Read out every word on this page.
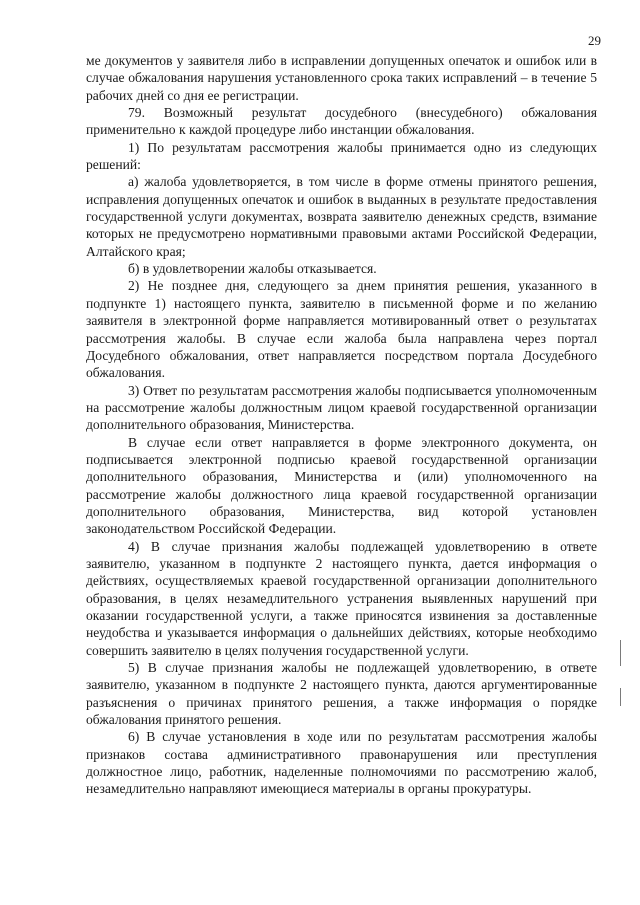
29

ме документов у заявителя либо в исправлении допущенных опечаток и ошибок или в случае обжалования нарушения установленного срока таких исправлений – в течение 5 рабочих дней со дня ее регистрации.

79. Возможный результат досудебного (внесудебного) обжалования применительно к каждой процедуре либо инстанции обжалования.

1) По результатам рассмотрения жалобы принимается одно из следующих решений:

а) жалоба удовлетворяется, в том числе в форме отмены принятого решения, исправления допущенных опечаток и ошибок в выданных в результате предоставления государственной услуги документах, возврата заявителю денежных средств, взимание которых не предусмотрено нормативными правовыми актами Российской Федерации, Алтайского края;

б) в удовлетворении жалобы отказывается.

2) Не позднее дня, следующего за днем принятия решения, указанного в подпункте 1) настоящего пункта, заявителю в письменной форме и по желанию заявителя в электронной форме направляется мотивированный ответ о результатах рассмотрения жалобы. В случае если жалоба была направлена через портал Досудебного обжалования, ответ направляется посредством портала Досудебного обжалования.

3) Ответ по результатам рассмотрения жалобы подписывается уполномоченным на рассмотрение жалобы должностным лицом краевой государственной организации дополнительного образования, Министерства.

В случае если ответ направляется в форме электронного документа, он подписывается электронной подписью краевой государственной организации дополнительного образования, Министерства и (или) уполномоченного на рассмотрение жалобы должностного лица краевой государственной организации дополнительного образования, Министерства, вид которой установлен законодательством Российской Федерации.

4) В случае признания жалобы подлежащей удовлетворению в ответе заявителю, указанном в подпункте 2 настоящего пункта, дается информация о действиях, осуществляемых краевой государственной организации дополнительного образования, в целях незамедлительного устранения выявленных нарушений при оказании государственной услуги, а также приносятся извинения за доставленные неудобства и указывается информация о дальнейших действиях, которые необходимо совершить заявителю в целях получения государственной услуги.

5) В случае признания жалобы не подлежащей удовлетворению, в ответе заявителю, указанном в подпункте 2 настоящего пункта, даются аргументированные разъяснения о причинах принятого решения, а также информация о порядке обжалования принятого решения.

6) В случае установления в ходе или по результатам рассмотрения жалобы признаков состава административного правонарушения или преступления должностное лицо, работник, наделенные полномочиями по рассмотрению жалоб, незамедлительно направляют имеющиеся материалы в органы прокуратуры.
